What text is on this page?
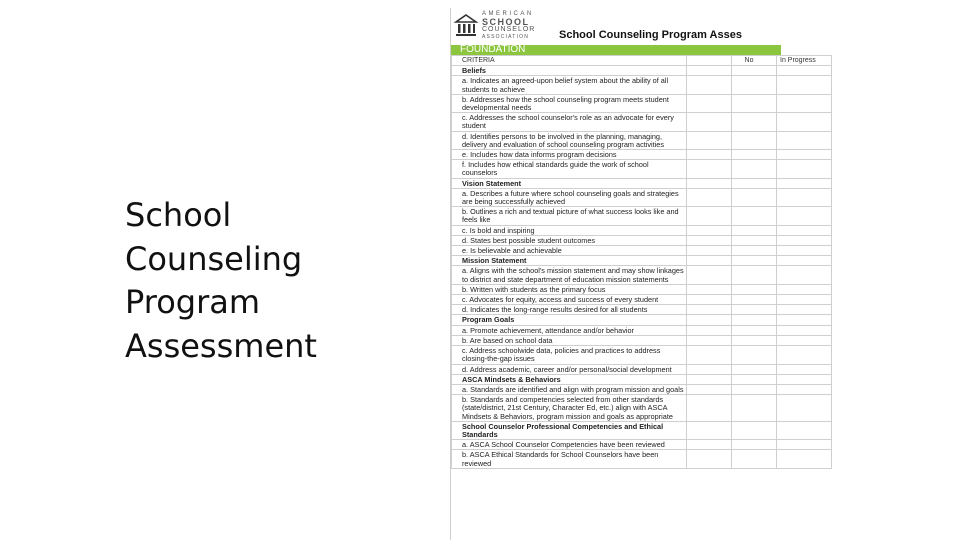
School
Counseling
Program
Assessment
AMERICAN
SCHOOL
COUNSELOR
ASSOCIATION	School Counseling Program Asses
FOUNDATION
CRITERIA		No	In Progress
Beliefs			
a. Indicates an agreed-upon belief system about the ability of all students to achieve			
b. Addresses how the school counseling program meets student developmental needs			
c. Addresses the school counselor's role as an advocate for every student			
d. Identifies persons to be involved in the planning, managing, delivery and evaluation of school counseling program activities			
e. Includes how data informs program decisions			
f. Includes how ethical standards guide the work of school counselors			
Vision Statement			
a. Describes a future where school counseling goals and strategies are being successfully achieved			
b. Outlines a rich and textual picture of what success looks like and feels like			
c. Is bold and inspiring			
d. States best possible student outcomes			
e. Is believable and achievable			
Mission Statement			
a. Aligns with the school's mission statement and may show linkages to district and state department of education mission statements			
b. Written with students as the primary focus			
c. Advocates for equity, access and success of every student			
d. Indicates the long-range results desired for all students			
Program Goals			
a. Promote achievement, attendance and/or behavior			
b. Are based on school data			
c. Address schoolwide data, policies and practices to address closing-the-gap issues			
d. Address academic, career and/or personal/social development			
ASCA Mindsets & Behaviors			
a. Standards are identified and align with program mission and goals			
b. Standards and competencies selected from other standards (state/district, 21st Century, Character Ed, etc.) align with ASCA Mindsets & Behaviors, program mission and goals as appropriate			
School Counselor Professional Competencies and Ethical Standards			
a. ASCA School Counselor Competencies have been reviewed			
b. ASCA Ethical Standards for School Counselors have been reviewed			
